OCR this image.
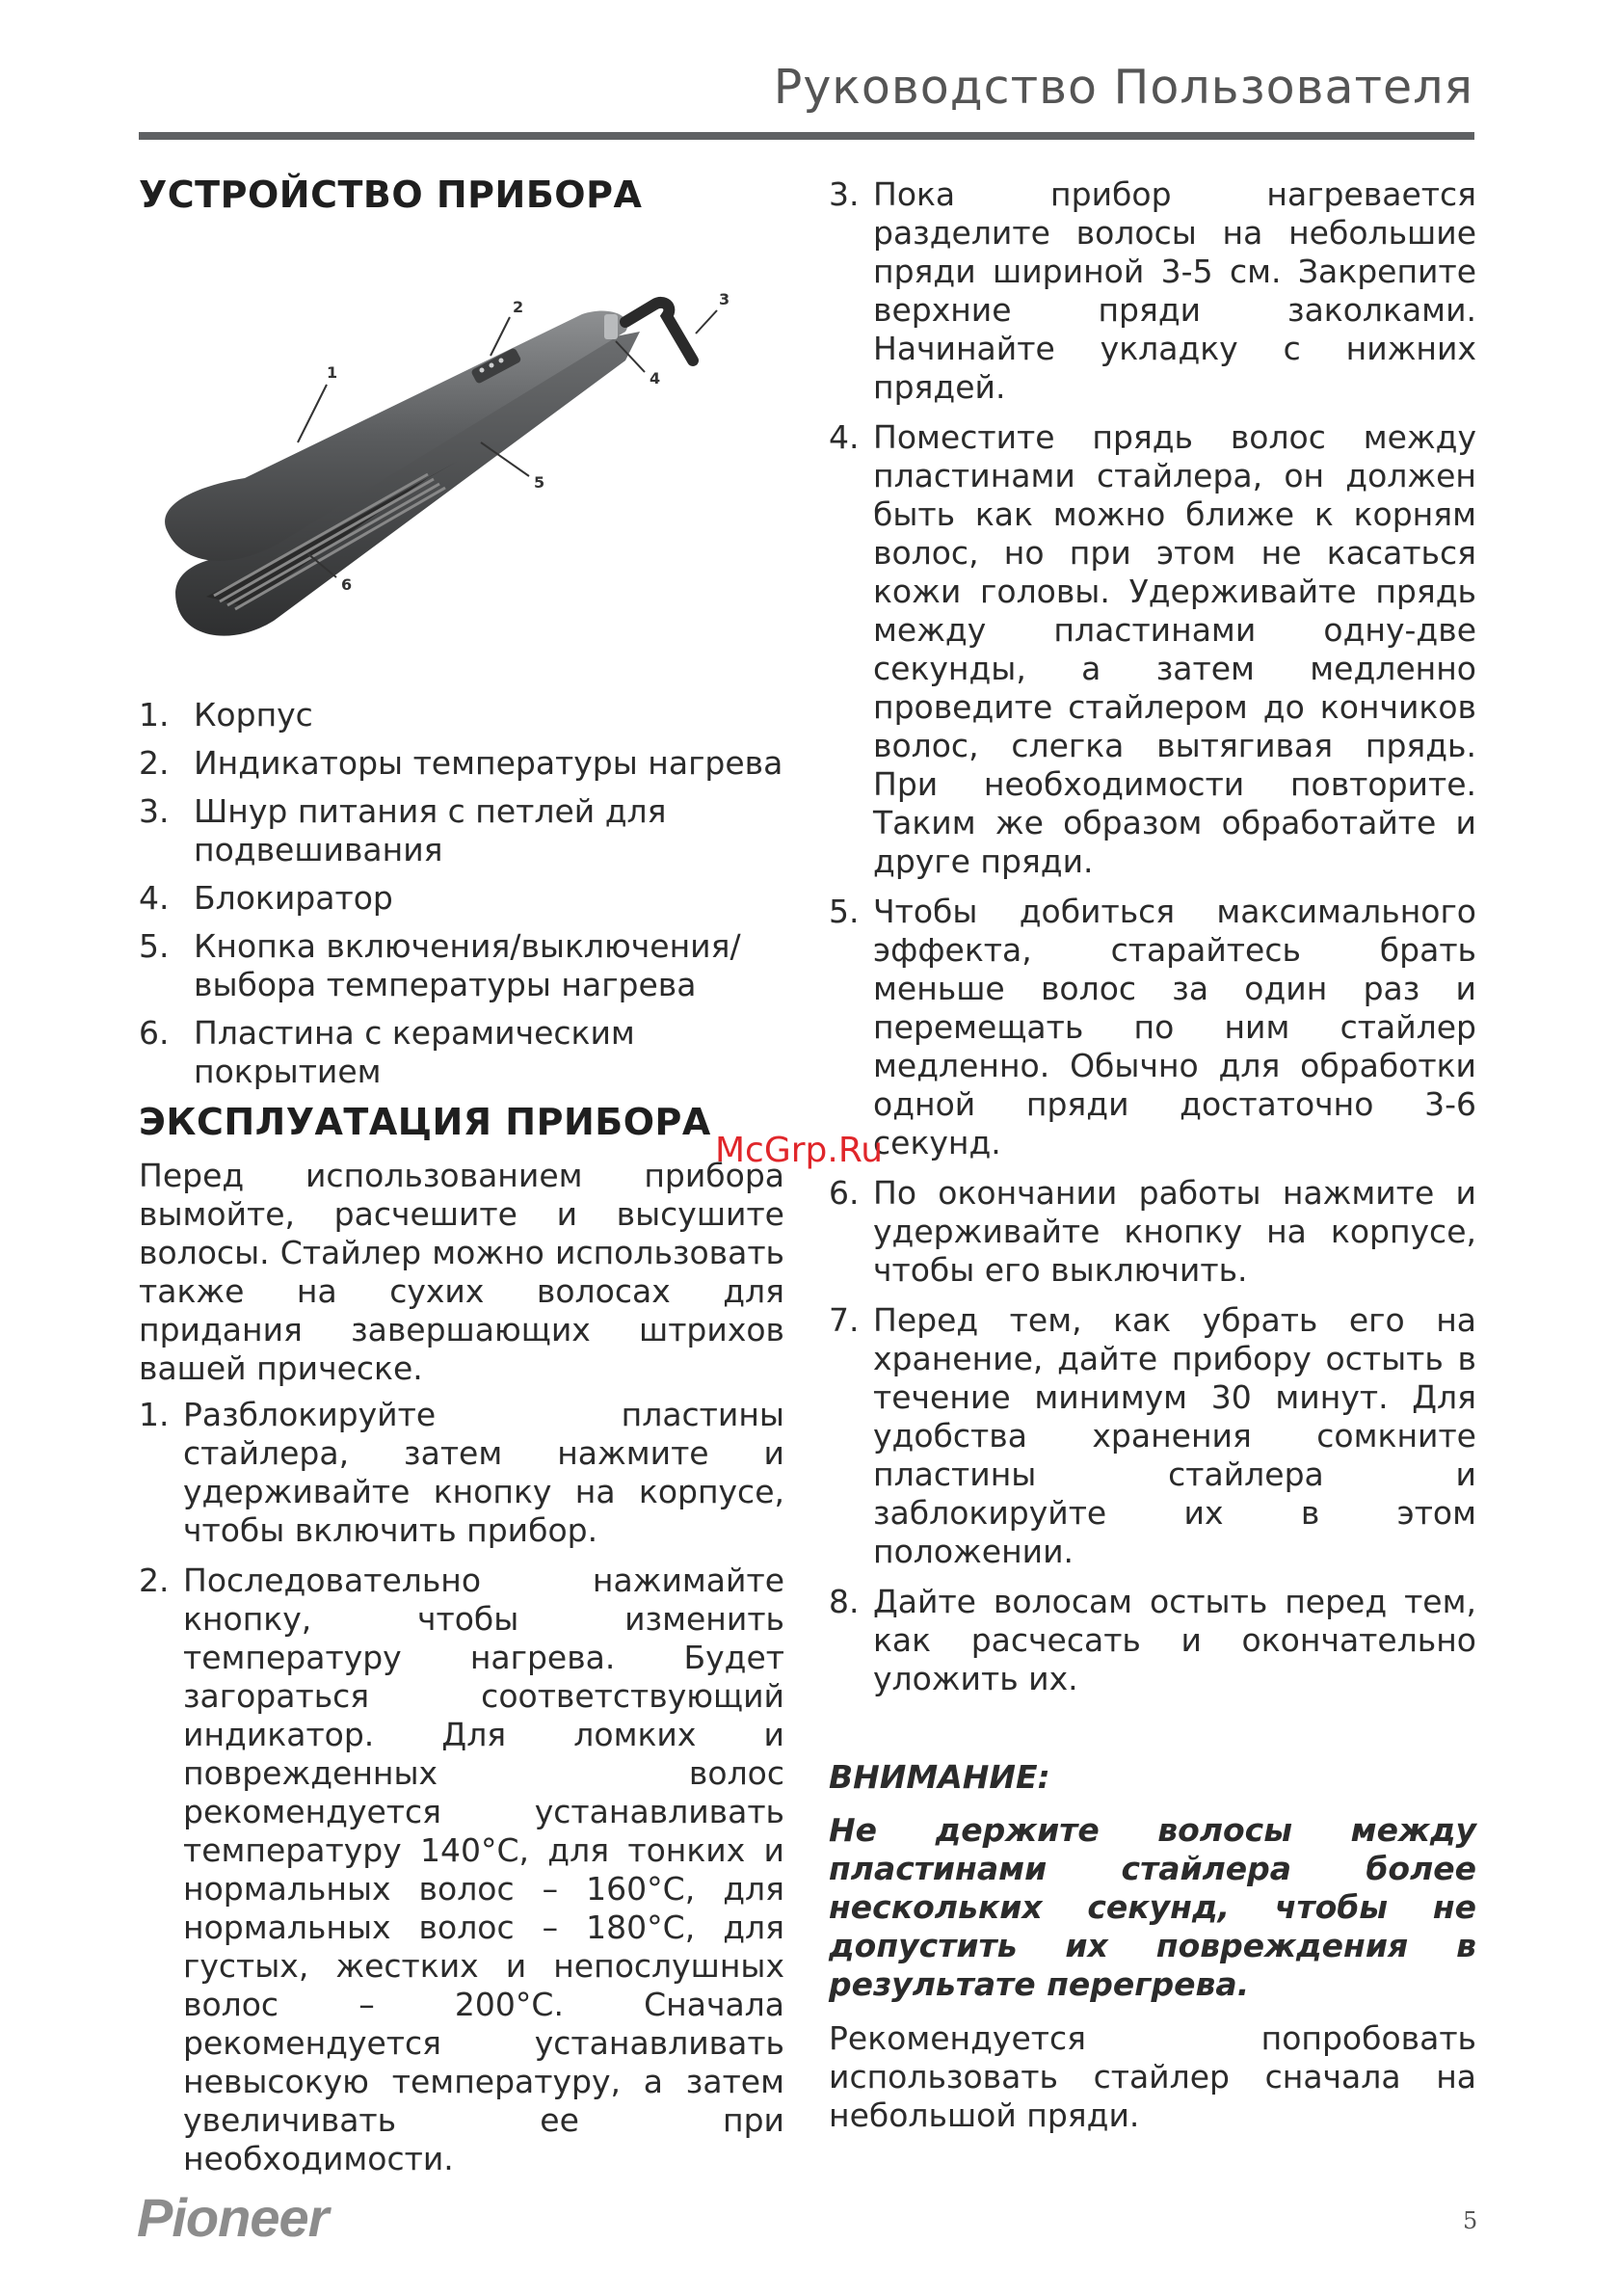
Руководство Пользователя
УСТРОЙСТВО ПРИБОРА
1
2	3
4
5
6
1. Корпус
2. Индикаторы температуры нагрева
3. Шнур питания с петлей для подвешивания
4. Блокиратор
5. Кнопка включения/выключения/ выбора температуры нагрева
6. Пластина с керамическим покрытием
ЭКСПЛУАТАЦИЯ ПРИБОРА

Перед использованием прибора вымойте, расчешите и высушите волосы. Стайлер можно использовать также на сухих волосах для придания завершающих штрихов вашей прическе.

1. Разблокируйте пластины стайлера, затем нажмите и удерживайте кнопку на корпусе, чтобы включить прибор.
2. Последовательно нажимайте кнопку, чтобы изменить температуру нагрева. Будет загораться соответствующий индикатор. Для ломких и поврежденных волос рекомендуется устанавливать температуру 140°С, для тонких и нормальных волос – 160°С, для нормальных волос – 180°С, для густых, жестких и непослушных волос – 200°С. Сначала рекомендуется устанавливать невысокую температуру, а затем увеличивать ее при необходимости.
3. Пока прибор нагревается разделите волосы на небольшие пряди шириной 3-5 см. Закрепите верхние пряди заколками. Начинайте укладку с нижних прядей.
4. Поместите прядь волос между пластинами стайлера, он должен быть как можно ближе к корням волос, но при этом не касаться кожи головы. Удерживайте прядь между пластинами одну-две секунды, а затем медленно проведите стайлером до кончиков волос, слегка вытягивая прядь. При необходимости повторите. Таким же образом обработайте и друге пряди.
5. Чтобы добиться максимального эффекта, старайтесь брать меньше волос за один раз и перемещать по ним стайлер медленно. Обычно для обработки одной пряди достаточно 3-6 секунд.
6. По окончании работы нажмите и удерживайте кнопку на корпусе, чтобы его выключить.
7. Перед тем, как убрать его на хранение, дайте прибору остыть в течение минимум 30 минут. Для удобства хранения сомкните пластины стайлера и заблокируйте их в этом положении.
8. Дайте волосам остыть перед тем, как расчесать и окончательно уложить их.
ВНИМАНИЕ:

Не держите волосы между пластинами стайлера более нескольких секунд, чтобы не допустить их повреждения в результате перегрева.

Рекомендуется попробовать использовать стайлер сначала на небольшой пряди.

McGrp.Ru
Pioneer	5
